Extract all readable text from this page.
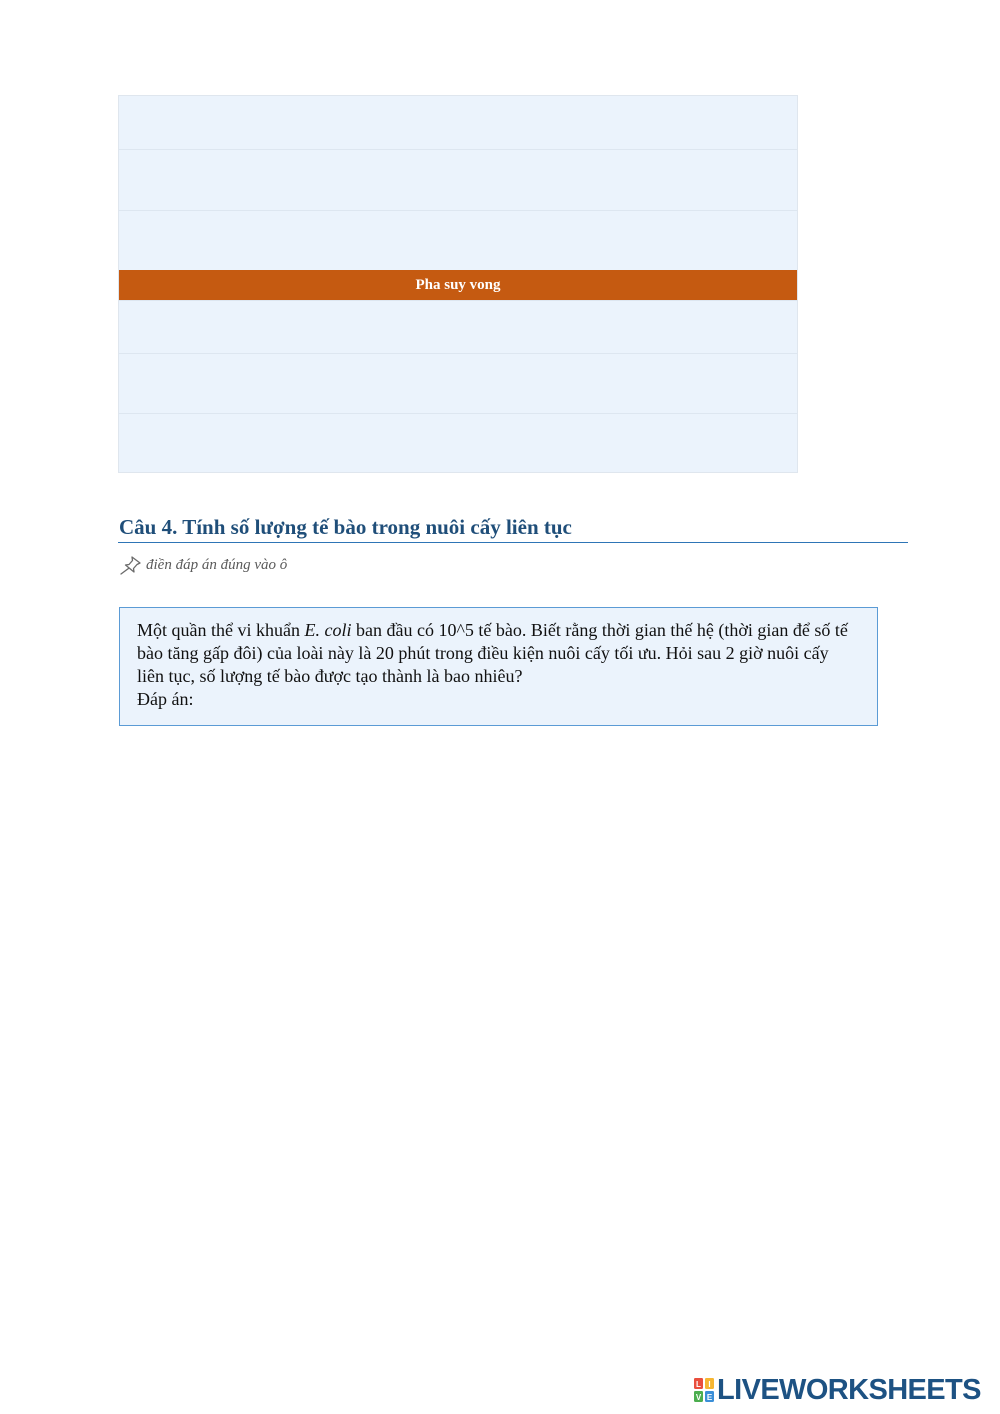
Pha suy vong
Câu 4. Tính số lượng tế bào trong nuôi cấy liên tục
điền đáp án đúng vào ô

Một quần thể vi khuẩn E. coli ban đầu có 10^5 tế bào. Biết rằng thời gian thế hệ (thời gian để số tế bào tăng gấp đôi) của loài này là 20 phút trong điều kiện nuôi cấy tối ưu. Hỏi sau 2 giờ nuôi cấy liên tục, số lượng tế bào được tạo thành là bao nhiêu?

Đáp án:

L I
V E LIVEWORKSHEETS
